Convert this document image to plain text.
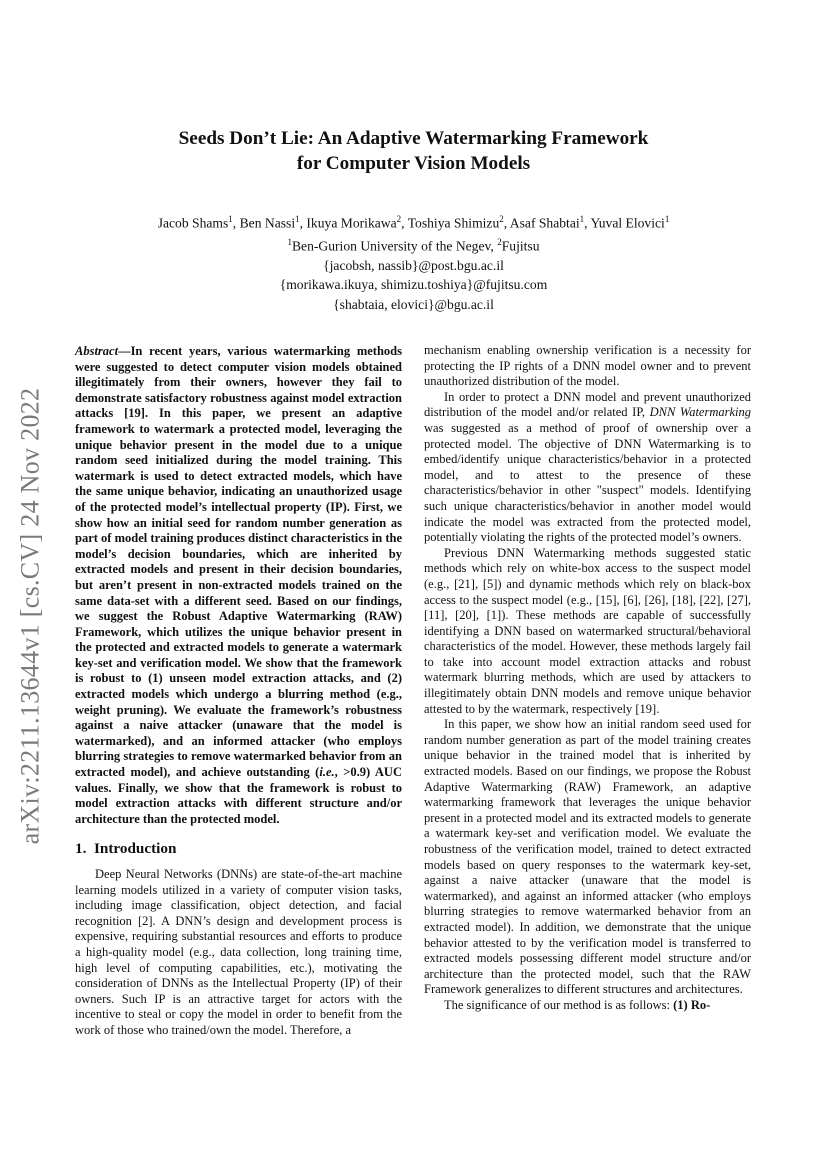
arXiv:2211.13644v1 [cs.CV] 24 Nov 2022
Seeds Don’t Lie: An Adaptive Watermarking Framework
for Computer Vision Models
Jacob Shams$^1$, Ben Nassi$^1$, Ikuya Morikawa$^2$, Toshiya Shimizu$^2$, Asaf Shabtai$^1$, Yuval Elovici$^1$
$^1$Ben-Gurion University of the Negev, $^2$Fujitsu
{jacobsh, nassib}@post.bgu.ac.il
{morikawa.ikuya, shimizu.toshiya}@fujitsu.com
{shabtaia, elovici}@bgu.ac.il

Abstract—In recent years, various watermarking methods were suggested to detect computer vision models obtained illegitimately from their owners, however they fail to demonstrate satisfactory robustness against model extraction attacks [19]. In this paper, we present an adaptive framework to watermark a protected model, leveraging the unique behavior present in the model due to a unique random seed initialized during the model training. This watermark is used to detect extracted models, which have the same unique behavior, indicating an unauthorized usage of the protected model’s intellectual property (IP). First, we show how an initial seed for random number generation as part of model training produces distinct characteristics in the model’s decision boundaries, which are inherited by extracted models and present in their decision boundaries, but aren’t present in non-extracted models trained on the same data-set with a different seed. Based on our findings, we suggest the Robust Adaptive Watermarking (RAW) Framework, which utilizes the unique behavior present in the protected and extracted models to generate a watermark key-set and verification model. We show that the framework is robust to (1) unseen model extraction attacks, and (2) extracted models which undergo a blurring method (e.g., weight pruning). We evaluate the framework’s robustness against a naive attacker (unaware that the model is watermarked), and an informed attacker (who employs blurring strategies to remove watermarked behavior from an extracted model), and achieve outstanding (i.e., >0.9) AUC values. Finally, we show that the framework is robust to model extraction attacks with different structure and/or architecture than the protected model.

1. Introduction

Deep Neural Networks (DNNs) are state-of-the-art machine learning models utilized in a variety of computer vision tasks, including image classification, object detection, and facial recognition [2]. A DNN’s design and development process is expensive, requiring substantial resources and efforts to produce a high-quality model (e.g., data collection, long training time, high level of computing capabilities, etc.), motivating the consideration of DNNs as the Intellectual Property (IP) of their owners. Such IP is an attractive target for actors with the incentive to steal or copy the model in order to benefit from the work of those who trained/own the model. Therefore, a

mechanism enabling ownership verification is a necessity for protecting the IP rights of a DNN model owner and to prevent unauthorized distribution of the model.

In order to protect a DNN model and prevent unauthorized distribution of the model and/or related IP, DNN Watermarking was suggested as a method of proof of ownership over a protected model. The objective of DNN Watermarking is to embed/identify unique characteristics/behavior in a protected model, and to attest to the presence of these characteristics/behavior in other "suspect" models. Identifying such unique characteristics/behavior in another model would indicate the model was extracted from the protected model, potentially violating the rights of the protected model’s owners.

Previous DNN Watermarking methods suggested static methods which rely on white-box access to the suspect model (e.g., [21], [5]) and dynamic methods which rely on black-box access to the suspect model (e.g., [15], [6], [26], [18], [22], [27], [11], [20], [1]). These methods are capable of successfully identifying a DNN based on watermarked structural/behavioral characteristics of the model. However, these methods largely fail to take into account model extraction attacks and robust watermark blurring methods, which are used by attackers to illegitimately obtain DNN models and remove unique behavior attested to by the watermark, respectively [19].

In this paper, we show how an initial random seed used for random number generation as part of the model training creates unique behavior in the trained model that is inherited by extracted models. Based on our findings, we propose the Robust Adaptive Watermarking (RAW) Framework, an adaptive watermarking framework that leverages the unique behavior present in a protected model and its extracted models to generate a watermark key-set and verification model. We evaluate the robustness of the verification model, trained to detect extracted models based on query responses to the watermark key-set, against a naive attacker (unaware that the model is watermarked), and against an informed attacker (who employs blurring strategies to remove watermarked behavior from an extracted model). In addition, we demonstrate that the unique behavior attested to by the verification model is transferred to extracted models possessing different model structure and/or architecture than the protected model, such that the RAW Framework generalizes to different structures and architectures.

The significance of our method is as follows: (1) Ro-
